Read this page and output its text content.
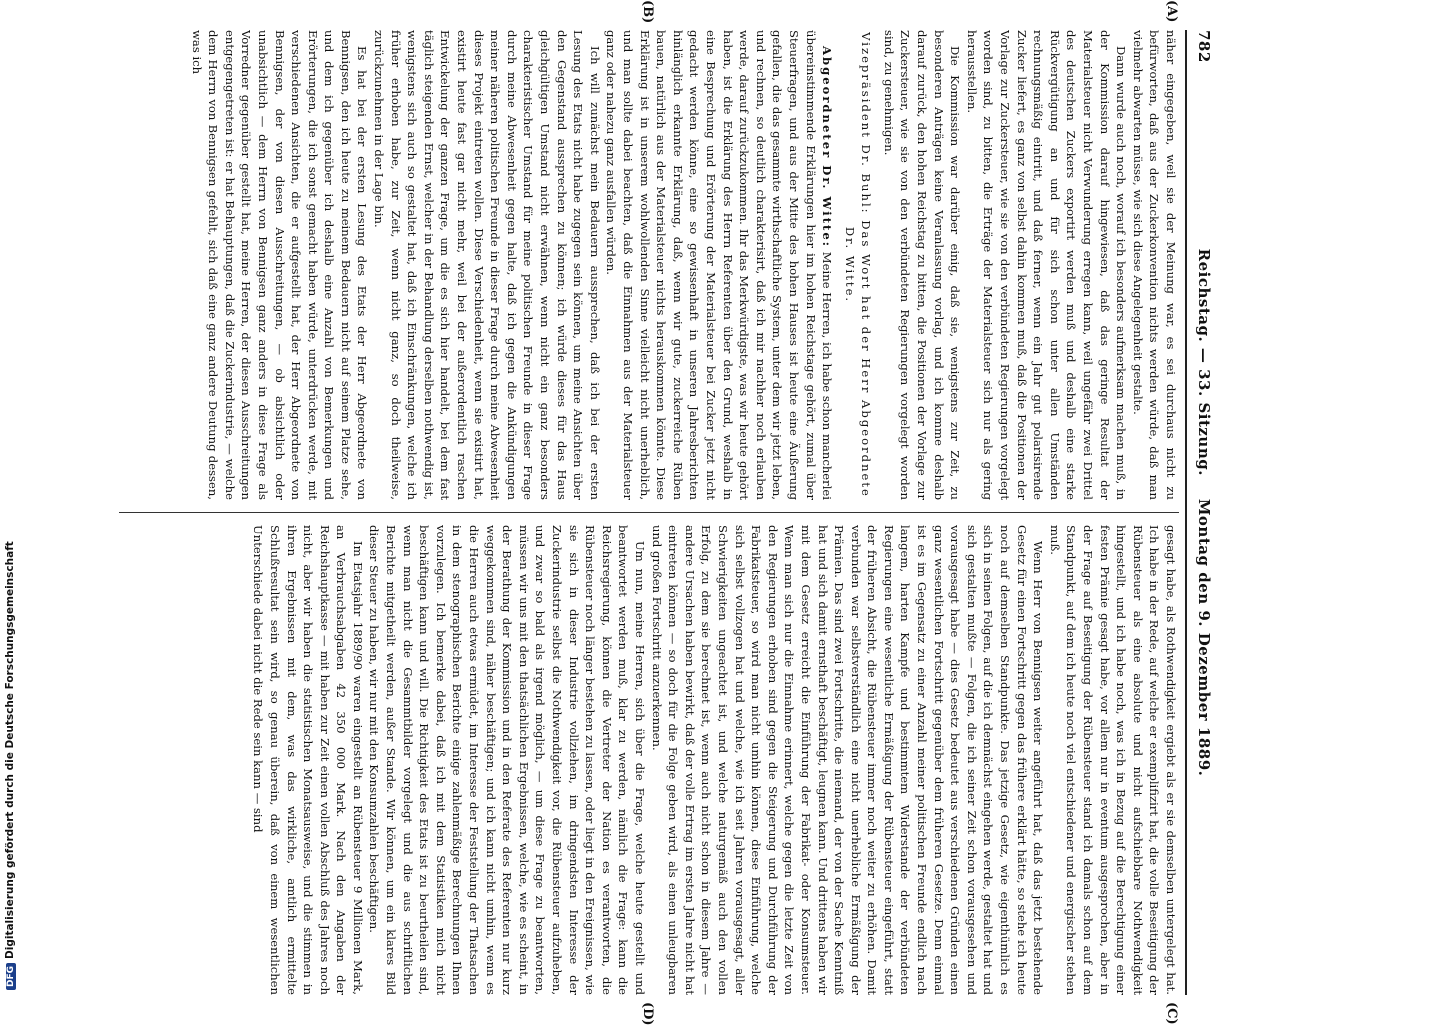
782
Reichstag. — 33. Sitzung.    Montag den 9. Dezember 1889.
(A)
(B)
(C)
(D)

näher eingegeben, weil sie der Meinung war, es sei durchaus nicht zu befürworten, daß aus der Zuckerkonvention nichts werden würde, daß man vielmehr abwarten müsse, wie sich diese Angelegenheit gestalte.

Dann wurde auch noch, worauf ich besonders aufmerksam machen muß, in der Kommission darauf hingewiesen, daß das geringe Resultat der Materialsteuer nicht Verwunderung erregen kann, weil ungefähr zwei Drittel des deutschen Zuckers exportirt werden muß und deshalb eine starke Rückvergütigung an und für sich schon unter allen Umständen rechnungsmäßig eintritt, und daß ferner, wenn ein Jahr gut polarisirende Zucker liefert, es ganz von selbst dahin kommen muß, daß die Positionen der Vorlage zur Zuckersteuer, wie sie von den verbündeten Regierungen vorgelegt worden sind, zu bitten, die Erträge der Materialsteuer sich nur als gering herausstellen.

Die Kommission war darüber einig, daß sie, wenigstens zur Zeit, zu besonderen Anträgen keine Veranlassung vorlag, und ich komme deshalb darauf zurück, den hohen Reichstag zu bitten, die Positionen der Vorlage zur Zuckersteuer, wie sie von den verbündeten Regierungen vorgelegt worden sind, zu genehmigen.

Vizepräsident Dr. Buhl: Das Wort hat der Herr Abgeordnete Dr. Witte.

Abgeordneter Dr. Witte: Meine Herren, ich habe schon mancherlei übereinstimmende Erklärungen hier im hohen Reichstage gehört, zumal über Steuerfragen, und aus der Mitte des hohen Hauses ist heute eine Äußerung gefallen, die das gesammte wirthschaftliche System, unter dem wir jetzt leben, und rechnen, so deutlich charakterisirt, daß ich mir nachher noch erlauben werde, darauf zurückzukommen. Ihr das Merkwürdigste, was wir heute gehört haben, ist die Erklärung des Herrn Referenten über den Grund, weshalb in eine Besprechung und Erörterung der Materialsteuer bei Zucker jetzt nicht gedacht werden könne, eine so gewissenhaft in unseren Jahresberichten hinlänglich erkannte Erklärung, daß, wenn wir gute, zuckerreiche Rüben bauen, natürlich aus der Materialsteuer nichts herauskommen könnte. Diese Erklärung ist in unserem wohlwollenden Sinne vielleicht nicht unerheblich, und man sollte dabei beachten, daß die Einnahmen aus der Materialsteuer ganz oder nahezu ganz ausfallen würden.

Ich will zunächst mein Bedauern aussprechen, daß ich bei der ersten Lesung des Etats nicht habe zugegen sein können, um meine Ansichten über den Gegenstand aussprechen zu können; ich würde dieses für das Haus gleichgültigen Umstand nicht erwähnen, wenn nicht ein ganz besonders charakteristischer Umstand für meine politischen Freunde in dieser Frage durch meine Abwesenheit gegen halte, daß ich gegen die Ankündigungen meiner näheren politischen Freunde in dieser Frage durch meine Abwesenheit dieses Projekt eintreten wollen. Diese Verschiedenheit, wenn sie existirt hat, existirt heute fast gar nicht mehr, weil bei der außerordentlich raschen Entwickelung der ganzen Frage, um die es sich hier handelt, bei dem fast täglich steigenden Ernst, welcher in der Behandlung derselben nothwendig ist, wenigstens sich auch so gestaltet hat, daß ich Einschränkungen, welche ich früher erhoben habe, zur Zeit, wenn nicht ganz, so doch theilweise, zurückzunehmen in der Lage bin.

Es hat bei der ersten Lesung des Etats der Herr Abgeordnete von Bennigsen, den ich heute zu meinem Bedauern nicht auf seinem Platze sehe, und dem ich gegenüber ich deshalb eine Anzahl von Bemerkungen und Erörterungen, die ich sonst gemacht haben würde, unterdrücken werde, mit verschiedenen Ansichten, die er aufgestellt hat, der Herr Abgeordnete von Bennigsen, der von diesen Ausschreitungen, — ob absichtlich oder unabsichtlich — dem Herrn von Bennigsen ganz anders in diese Frage als Vorredner gegenüber gestellt hat, meine Herren, der diesen Ausschreitungen entgegengetreten ist: er hat Behauptungen, daß die Zuckerindustrie, — welche dem Herrn von Bennigsen gefehlt, sich daß eine ganz andere Deutung dessen, was ich

gesagt habe, als Rothwendigkeit ergiebt als er sie demselben untergelegt hat. Ich habe in der Rede, auf welche er exemplifizirt hat, die volle Beseitigung der Rübensteuer als eine absolute und nicht aufschiebbare Nothwendigkeit hingestellt, und ich habe noch, was ich in Bezug auf die Berechtigung einer festen Prämie gesagt habe, vor allem nur in eventum ausgesprochen, aber in der Frage auf Beseitigung der Rübensteuer stand ich damals schon auf dem Standpunkt, auf dem ich heute noch viel entschiedener und energischer stehen muß.

Wenn Herr von Bennigsen weiter angeführt hat, daß das jetzt bestehende Gesetz für einen Fortschritt gegen das frühere erklärt hätte, so stehe ich heute noch auf demselben Standpunkte. Das jetzige Gesetz, wie eigenthümlich es sich in seinen Folgen, auf die ich demnächst eingehen werde, gestaltet hat und sich gestalten mußte — Folgen, die ich seiner Zeit schon vorausgesehen und vorausgesagt habe — dies Gesetz bedeutet aus verschiedenen Gründen einen ganz wesentlichen Fortschritt gegenüber dem früheren Gesetze. Denn einmal ist es im Gegensatz zu einer Anzahl meiner politischen Freunde endlich nach langem, harten Kampfe und bestimmtem Widerstande der verbündeten Regierungen eine wesentliche Ermäßigung der Rübensteuer eingeführt, statt der früheren Absicht, die Rübensteuer immer noch weiter zu erhöhen. Damit verbunden war selbstverständlich eine nicht unerhebliche Ermäßigung der Prämien. Das sind zwei Fortschritte, die niemand, der von der Sache Kenntniß hat und sich damit ernsthaft beschäftigt, leugnen kann. Und drittens haben wir mit dem Gesetz erreicht die Einführung der Fabrikat- oder Konsumsteuer. Wenn man sich nur die Einnahme erinnert, welche gegen die letzte Zeit von den Regierungen erhoben sind gegen die Steigerung und Durchführung der Fabrikatsteuer, so wird man nicht umhin können, diese Einführung, welche sich selbst vollzogen hat und welche, wie ich seit Jahren vorausgesagt, aller Schwierigkeiten ungeachtet ist, und welche naturgemäß auch den vollen Erfolg, zu dem sie berechnet ist, wenn auch nicht schon in diesem Jahre — andere Ursachen haben bewirkt, daß der volle Ertrag im ersten Jahre nicht hat eintreten können — so doch für die Folge geben wird, als einen unleugbaren und großen Fortschritt anzuerkennen.

Um nun, meine Herren, sich über die Frage, welche heute gestellt und beantwortet werden muß, klar zu werden, nämlich die Frage: kann die Reichsregierung, können die Vertreter der Nation es verantworten, die Rübensteuer noch länger bestehen zu lassen, oder liegt in den Ereignissen, wie sie sich in dieser Industrie vollziehen, im dringendsten Interesse der Zuckerindustrie selbst die Nothwendigkeit vor, die Rübensteuer aufzuheben, und zwar so bald als irgend möglich, — um diese Frage zu beantworten, müssen wir uns mit den thatsächlichen Ergebnissen, welche, wie es scheint, in der Berathung der Kommission und in den Referate des Referenten nur kurz weggekommen sind, näher beschäftigen; und ich kann nicht umhin, wenn es die Herren auch etwas ermüdet, im Interesse der Feststellung der Thatsachen in dem stenographischen Berichte einige zahlenmäßige Berechnungen Ihnen vorzulegen. Ich bemerke dabei, daß ich mit dem Statistiken mich nicht beschäftigen kann und will. Die Richtigkeit des Etats ist zu beurtheilen sind, wenn man nicht die Gesammtbilder vorgelegt und die aus schriftlichen Berichte mitgetheilt werden, außer Stande. Wir können, um ein klares Bild dieser Steuer zu haben, wir nur mit den Konsumzahlen beschäftigen.

Im Etatsjahr 1889/90 waren eingestellt an Rübensteuer 9 Millionen Mark, an Verbrauchsabgaben 42 350 000 Mark. Nach den Angaben der Reichshauptkasse — mit haben zur Zeit einen vollen Abschluß des Jahres noch nicht, aber wir haben die statistischen Monatsausweise, und die stimmen in ihren Ergebnissen mit dem, was das wirkliche, amtlich ermittelte Schlußresultat sein wird, so genau überein, daß von einem wesentlichen Unterschiede dabei nicht die Rede sein kann — sind

DFGDigitalisierung gefördert durch die Deutsche Forschungsgemeinschaft
